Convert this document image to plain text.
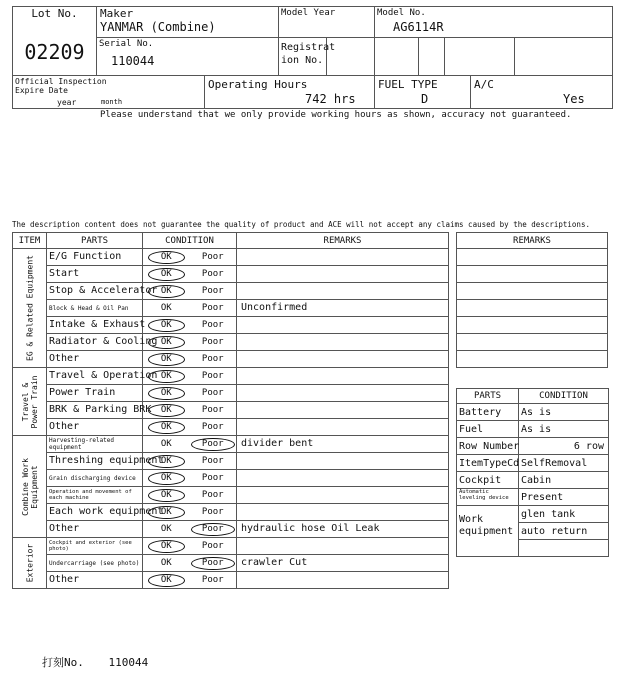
Lot No.
02209	Maker
YANMAR (Combine)		Model Year		Model No.
AG6114R				

	Serial No.
110044		Registrat ion No.						

Official Inspection Expire Date
year month		Operating Hours
742 hrs			FUEL TYPE
D			A/C
Yes	
Please understand that we only provide working hours as shown, accuracy not guaranteed.
The description content does not guarantee the quality of product and ACE will not accept any claims caused by the descriptions.
ITEM	PARTS	CONDITION		REMARKS

EG & Related Equipment	E/G Function	OK	Poor	
	Start	OK	Poor	
	Stop & Accelerator	OK	Poor	
	Block & Head & Oil Pan	OK	Poor	Unconfirmed
	Intake & Exhaust	OK	Poor	
	Radiator & Cooling	OK	Poor	
	Other	OK	Poor	

Travel & Power Train	Travel & Operation	OK	Poor	
	Power Train	OK	Poor	
	BRK & Parking BRK	OK	Poor	
	Other	OK	Poor	

Combine Work Equipment	Harvesting-related equipment	OK	Poor	divider bent
	Threshing equipment	OK	Poor	
	Grain discharging device	OK	Poor	
	Operation and movement of each machine	OK	Poor	
	Each work equipment	OK	Poor	
	Other	OK	Poor	hydraulic hose Oil Leak

Exterior	Cockpit and exterior (see photo)	OK	Poor	
	Undercarriage (see photo)	OK	Poor	crawler Cut
	Other	OK	Poor	
REMARKS

PARTS	CONDITION
Battery	As is
Fuel	As is
Row Number	6 row
ItemTypeCd	SelfRemoval
Cockpit	Cabin
Automatic leveling device	Present
Work equipment	glen tank
	auto return

打刻No. 110044
